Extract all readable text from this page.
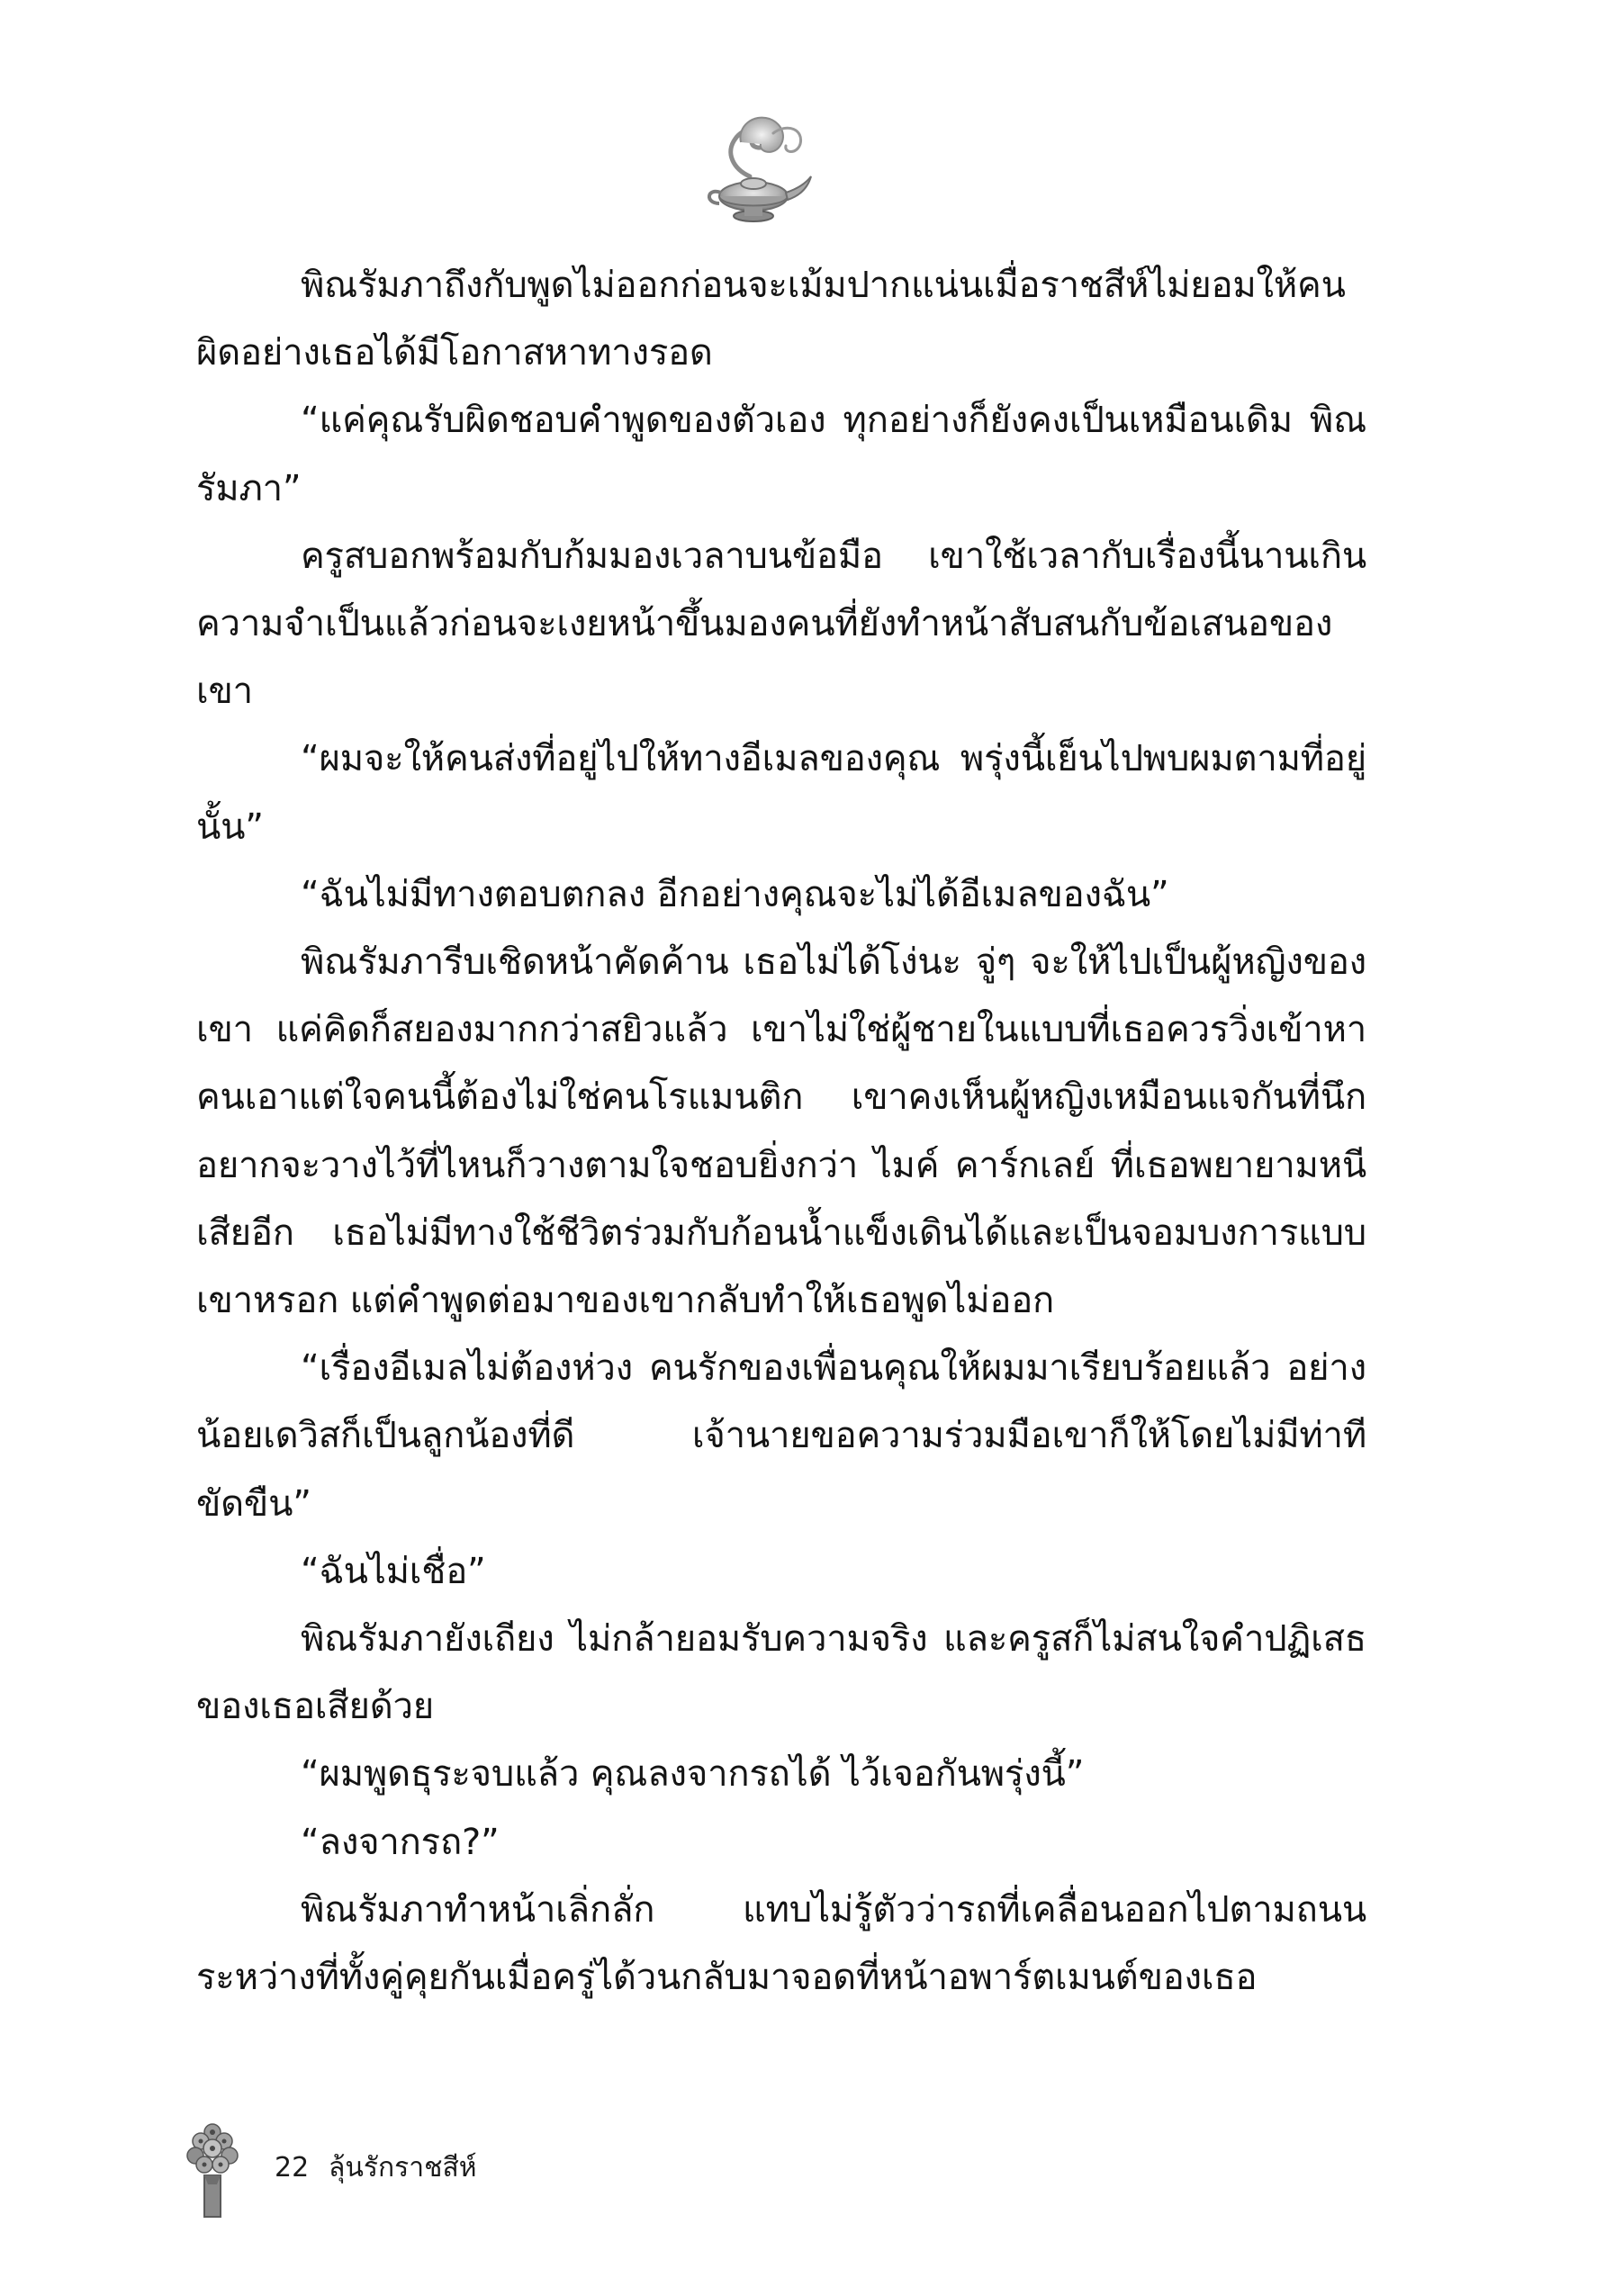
พิณรัมภาถึงกับพูดไม่ออกก่อนจะเม้มปากแน่นเมื่อราชสีห์ไม่ยอมให้คนผิดอย่างเธอได้มีโอกาสหาทางรอด

“แค่คุณรับผิดชอบคำพูดของตัวเอง ทุกอย่างก็ยังคงเป็นเหมือนเดิม พิณรัมภา”

ครูสบอกพร้อมกับก้มมองเวลาบนข้อมือ เขาใช้เวลากับเรื่องนี้นานเกินความจำเป็นแล้วก่อนจะเงยหน้าขึ้นมองคนที่ยังทำหน้าสับสนกับข้อเสนอของเขา

“ผมจะให้คนส่งที่อยู่ไปให้ทางอีเมลของคุณ พรุ่งนี้เย็นไปพบผมตามที่อยู่นั้น”

“ฉันไม่มีทางตอบตกลง อีกอย่างคุณจะไม่ได้อีเมลของฉัน”

พิณรัมภารีบเชิดหน้าคัดค้าน เธอไม่ได้โง่นะ จู่ๆ จะให้ไปเป็นผู้หญิงของเขา แค่คิดก็สยองมากกว่าสยิวแล้ว เขาไม่ใช่ผู้ชายในแบบที่เธอควรวิ่งเข้าหา คนเอาแต่ใจคนนี้ต้องไม่ใช่คนโรแมนติก เขาคงเห็นผู้หญิงเหมือนแจกันที่นึกอยากจะวางไว้ที่ไหนก็วางตามใจชอบยิ่งกว่า ไมค์ คาร์กเลย์ ที่เธอพยายามหนีเสียอีก เธอไม่มีทางใช้ชีวิตร่วมกับก้อนน้ำแข็งเดินได้และเป็นจอมบงการแบบเขาหรอก แต่คำพูดต่อมาของเขากลับทำให้เธอพูดไม่ออก

“เรื่องอีเมลไม่ต้องห่วง คนรักของเพื่อนคุณให้ผมมาเรียบร้อยแล้ว อย่างน้อยเดวิสก็เป็นลูกน้องที่ดี เจ้านายขอความร่วมมือเขาก็ให้โดยไม่มีท่าทีขัดขืน”

“ฉันไม่เชื่อ”

พิณรัมภายังเถียง ไม่กล้ายอมรับความจริง และครูสก็ไม่สนใจคำปฏิเสธของเธอเสียด้วย

“ผมพูดธุระจบแล้ว คุณลงจากรถได้ ไว้เจอกันพรุ่งนี้”

“ลงจากรถ?”

พิณรัมภาทำหน้าเลิ่กลั่ก แทบไม่รู้ตัวว่ารถที่เคลื่อนออกไปตามถนนระหว่างที่ทั้งคู่คุยกันเมื่อครู่ได้วนกลับมาจอดที่หน้าอพาร์ตเมนต์ของเธอ

22 ลุ้นรักราชสีห์
